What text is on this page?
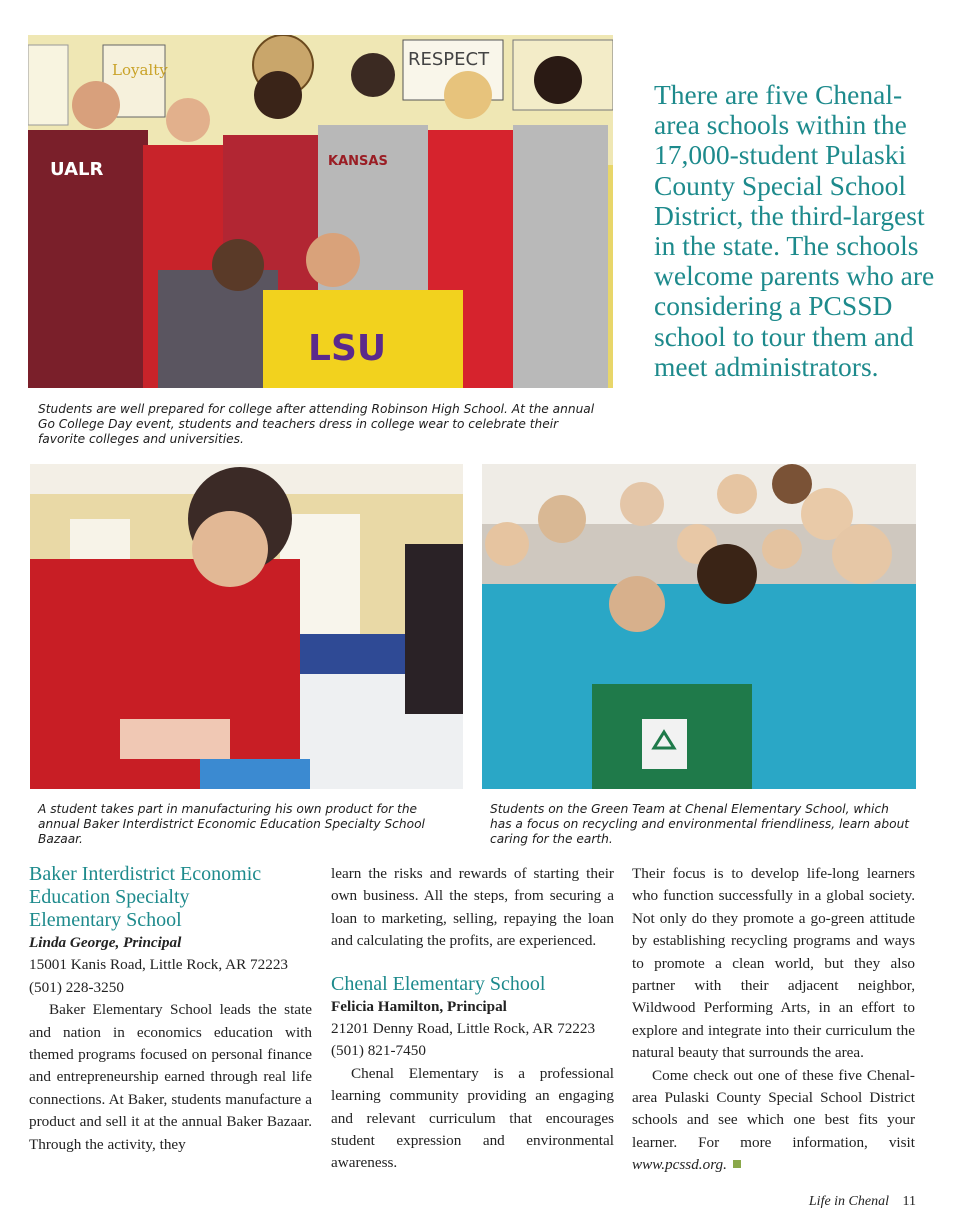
Loyalty	RESPECT
UALR	KANSAS
LSU
Students are well prepared for college after attending Robinson High School. At the annual Go College Day event, students and teachers dress in college wear to celebrate their favorite colleges and universities.
There are five Chenal-area schools within the 17,000-student Pulaski County Special School District, the third-largest in the state. The schools welcome parents who are considering a PCSSD school to tour them and meet administrators.
A student takes part in manufacturing his own product for the annual Baker Interdistrict Economic Education Specialty School Bazaar.
Students on the Green Team at Chenal Elementary School, which has a focus on recycling and environmental friendliness, learn about caring for the earth.

Baker Interdistrict Economic
Education Specialty
Elementary School

Linda George, Principal

15001 Kanis Road, Little Rock, AR 72223

(501) 228-3250

Baker Elementary School leads the state and nation in economics education with themed programs focused on personal finance and entrepreneurship earned through real life connections. At Baker, students manufacture a product and sell it at the annual Baker Bazaar. Through the activity, they

learn the risks and rewards of starting their own business. All the steps, from securing a loan to marketing, selling, repaying the loan and calculating the profits, are experienced.

Chenal Elementary School

Felicia Hamilton, Principal

21201 Denny Road, Little Rock, AR 72223

(501) 821-7450

Chenal Elementary is a professional learning community providing an engaging and relevant curriculum that encourages student expression and environmental awareness.

Their focus is to develop life-long learners who function successfully in a global society. Not only do they promote a go-green attitude by establishing recycling programs and ways to promote a clean world, but they also partner with their adjacent neighbor, Wildwood Performing Arts, in an effort to explore and integrate into their curriculum the natural beauty that surrounds the area.

Come check out one of these five Chenal-area Pulaski County Special School District schools and see which one best fits your learner. For more information, visit www.pcssd.org.

Life in Chenal 11
